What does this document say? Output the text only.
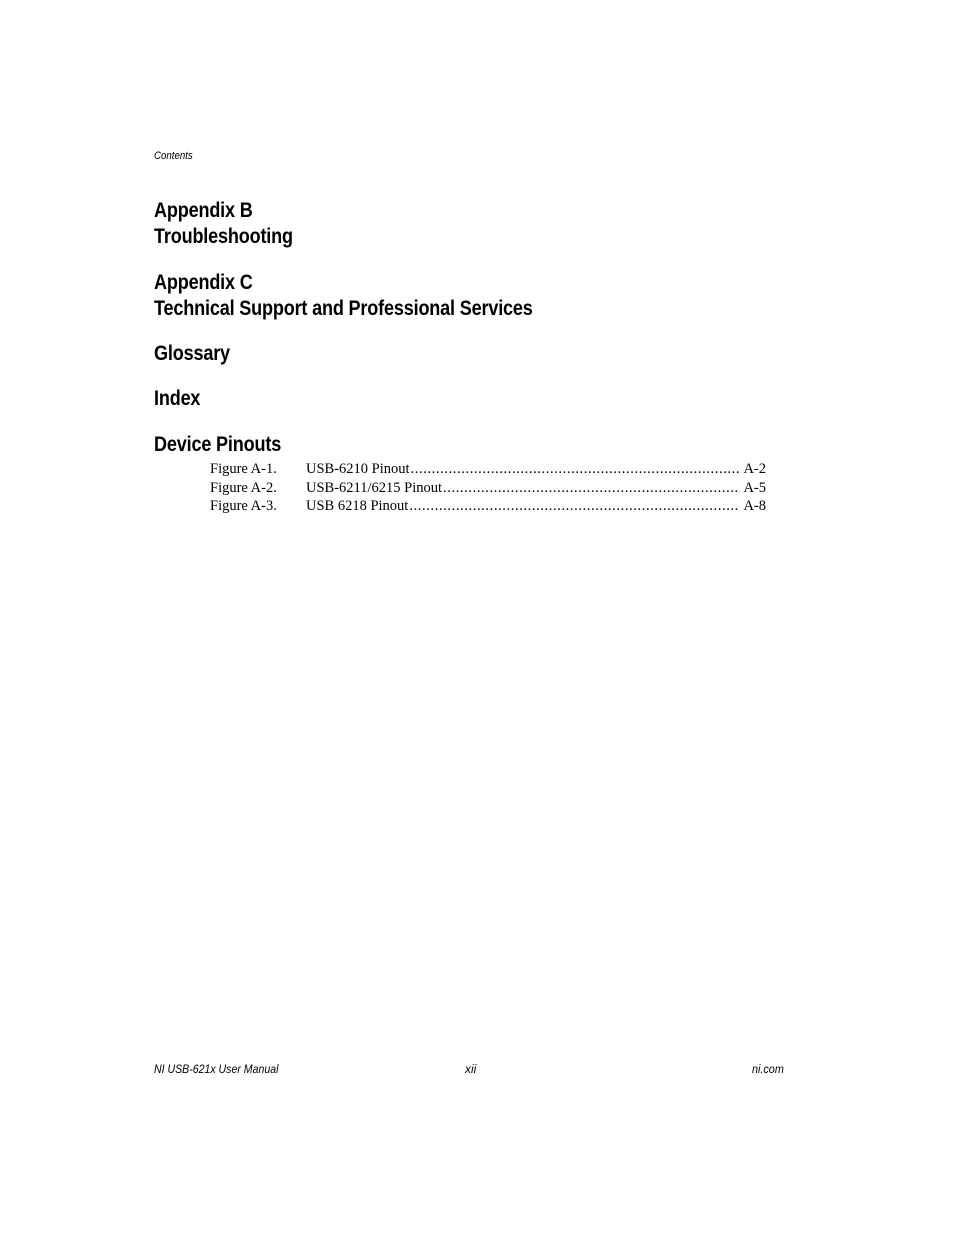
Contents
Appendix B
Troubleshooting
Appendix C
Technical Support and Professional Services
Glossary
Index
Device Pinouts
Figure A-1.	USB-6210 Pinout .....	A-2
Figure A-2.	USB-6211/6215 Pinout .....	A-5
Figure A-3.	USB 6218 Pinout .....	A-8
NI USB-621x User Manual	xii	ni.com
